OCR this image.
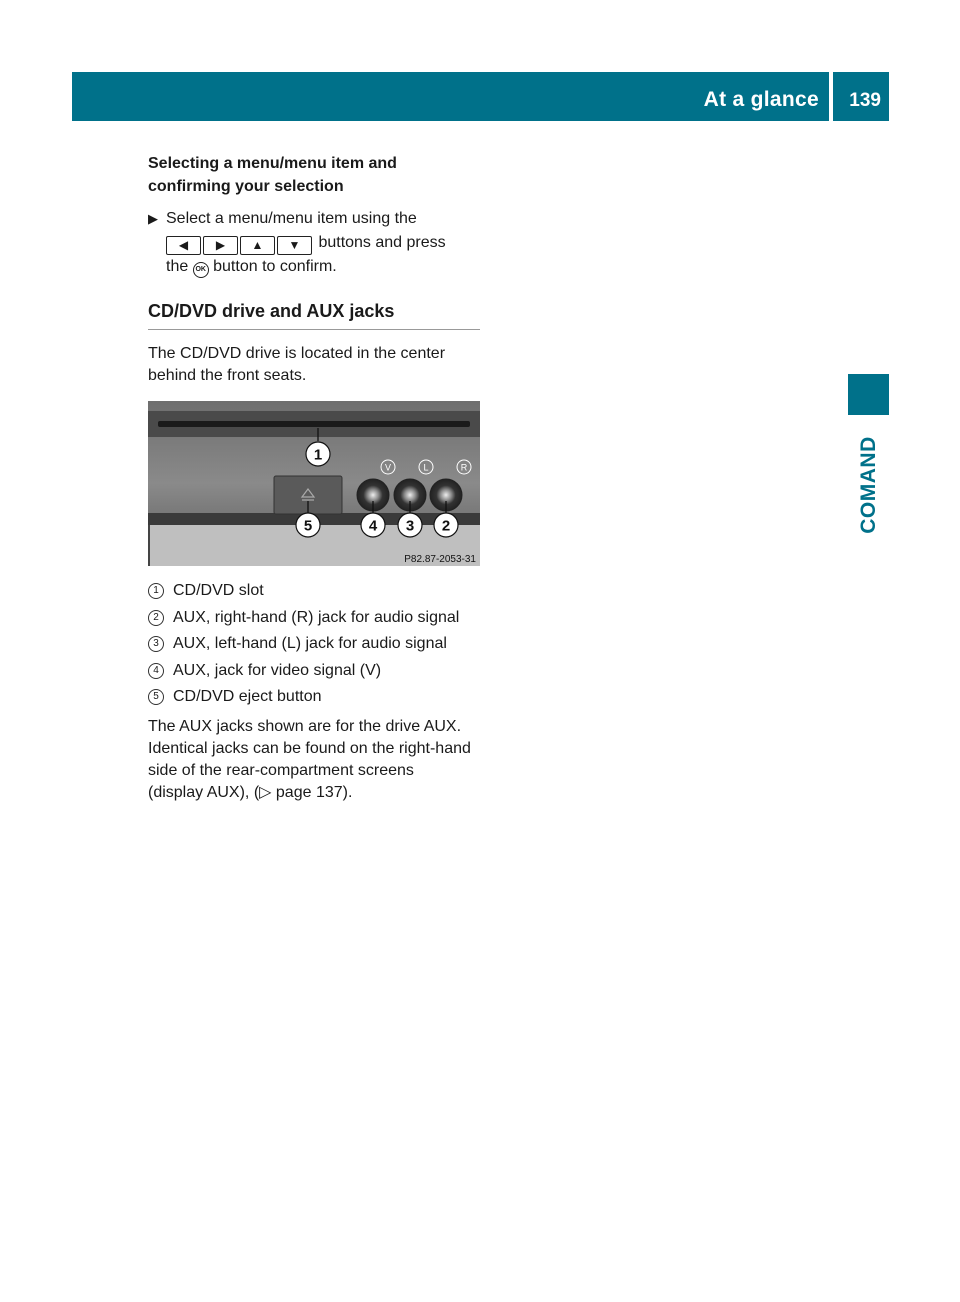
At a glance 139
COMAND

Selecting a menu/menu item and
confirming your selection

▶ Select a menu/menu item using the
◀ ▶ ▲ ▼ buttons and press
the OK button to confirm.
CD/DVD drive and AUX jacks
The CD/DVD drive is located in the center
behind the front seats.
V	L	R
1
5	4 3 2
P82.87-2053-31
1 CD/DVD slot
2 AUX, right-hand (R) jack for audio signal
3 AUX, left-hand (L) jack for audio signal
4 AUX, jack for video signal (V)
5 CD/DVD eject button
The AUX jacks shown are for the drive AUX.
Identical jacks can be found on the right-hand
side of the rear-compartment screens
(display AUX), (▷ page 137).
